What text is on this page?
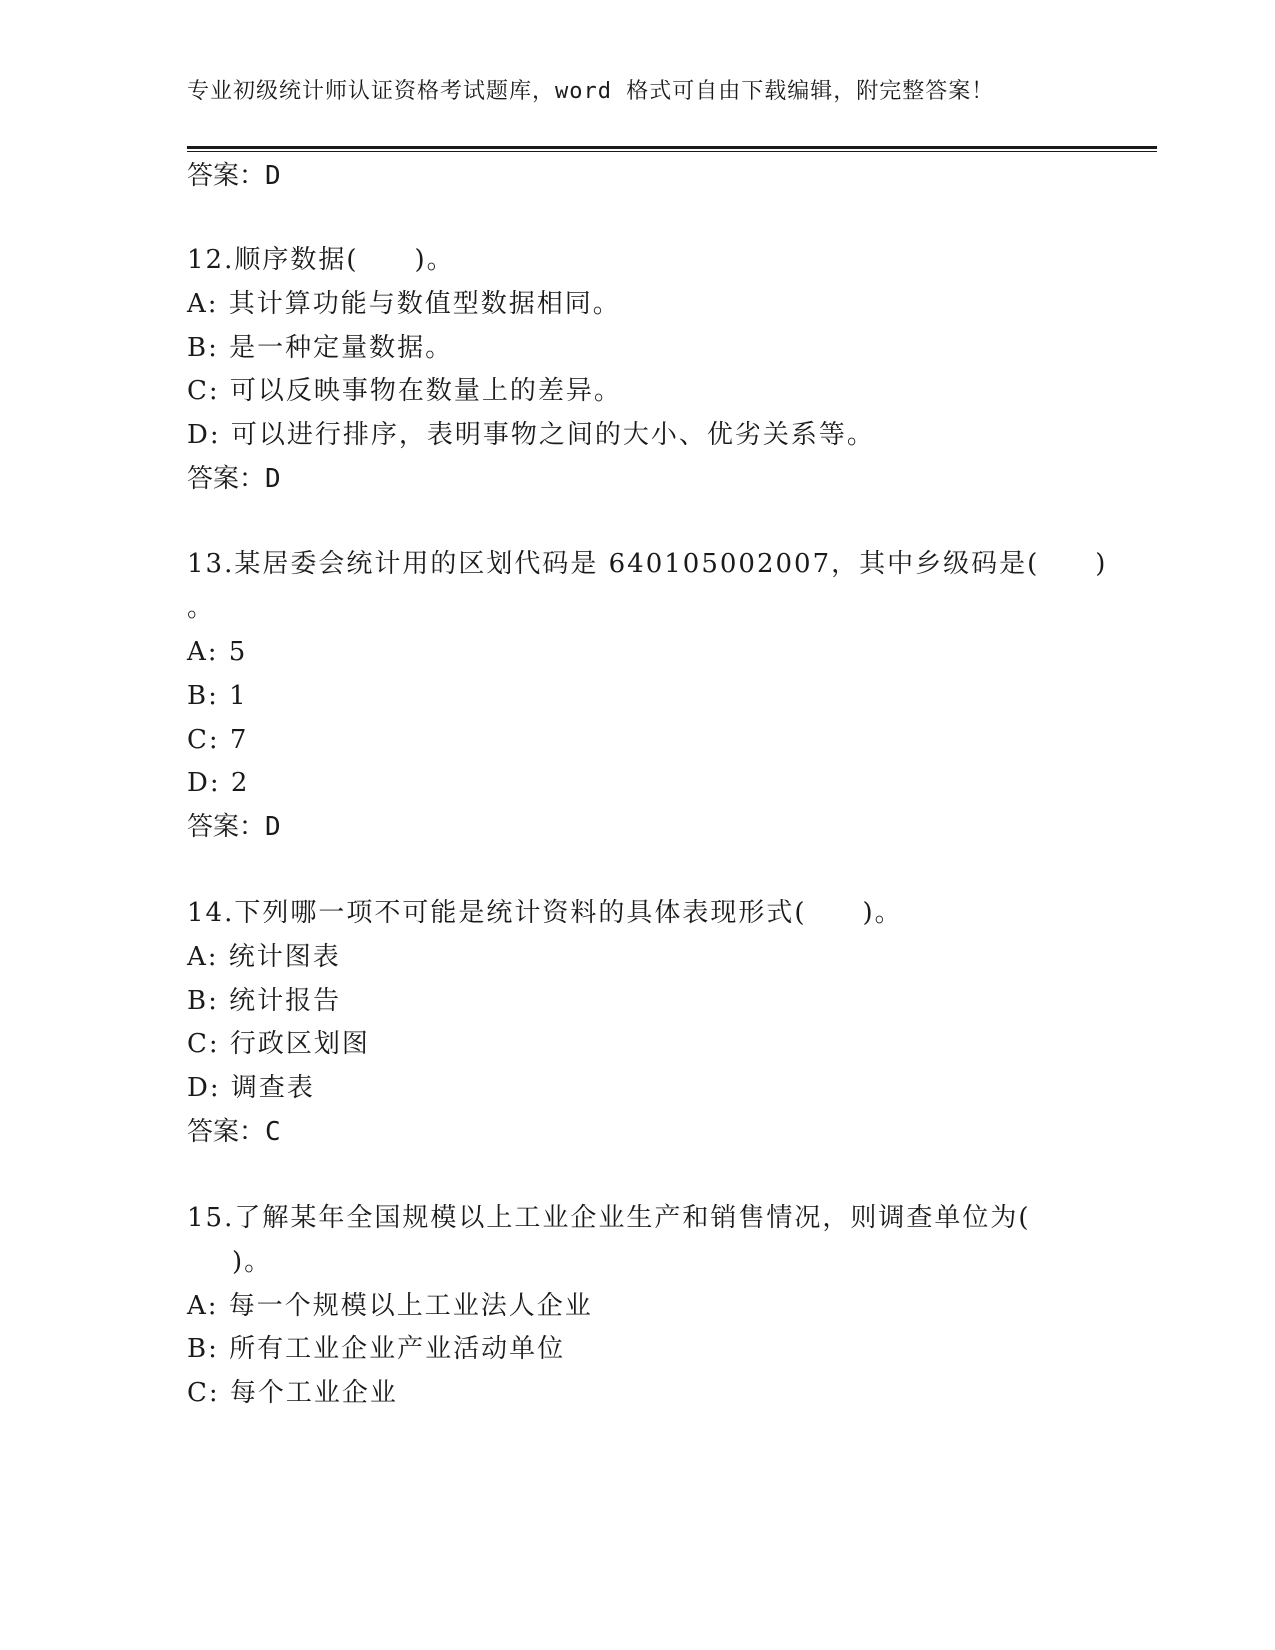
专业初级统计师认证资格考试题库，word 格式可自由下载编辑，附完整答案！
答案：D
12.顺序数据(　　)。
A: 其计算功能与数值型数据相同。
B: 是一种定量数据。
C: 可以反映事物在数量上的差异。
D: 可以进行排序，表明事物之间的大小、优劣关系等。
答案：D
13.某居委会统计用的区划代码是 640105002007，其中乡级码是(　　)
。
A: 5
B: 1
C: 7
D: 2
答案：D
14.下列哪一项不可能是统计资料的具体表现形式(　　)。
A: 统计图表
B: 统计报告
C: 行政区划图
D: 调查表
答案：C
15.了解某年全国规模以上工业企业生产和销售情况，则调查单位为(
)。
A: 每一个规模以上工业法人企业
B: 所有工业企业产业活动单位
C: 每个工业企业
